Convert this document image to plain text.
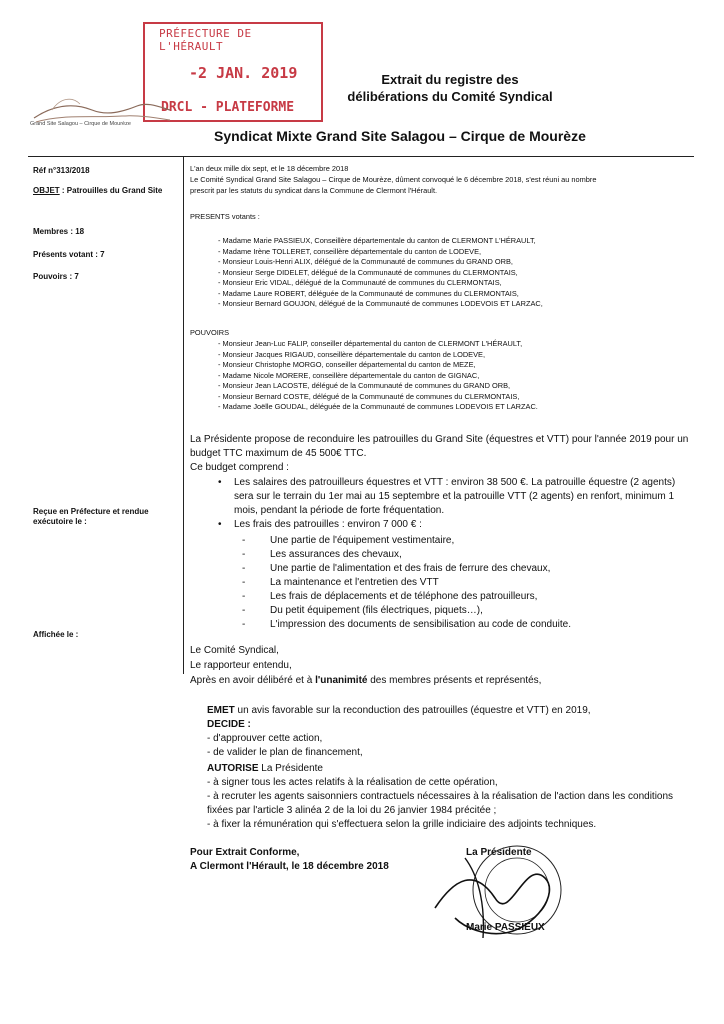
PRÉFECTURE DE L'HÉRAULT
-2 JAN. 2019
DRCL - PLATEFORME
Grand Site Salagou – Cirque de Mourèze
Extrait du registre des
délibérations du Comité Syndical
Syndicat Mixte Grand Site Salagou – Cirque de Mourèze
Réf n°313/2018
OBJET : Patrouilles du Grand Site
Membres : 18
Présents votant : 7
Pouvoirs : 7
Reçue en Préfecture et rendue exécutoire le :
Affichée le :
L'an deux mille dix sept, et le 18 décembre 2018
Le Comité Syndical Grand Site Salagou – Cirque de Mourèze, dûment convoqué le 6 décembre 2018, s'est réuni au nombre
prescrit par les statuts du syndicat dans la Commune de Clermont l'Hérault.
PRESENTS votants :
- Madame Marie PASSIEUX, Conseillère départementale du canton de CLERMONT L'HÉRAULT,
- Madame Irène TOLLERET, conseillère départementale du canton de LODEVE,
- Monsieur Louis-Henri ALIX, délégué de la Communauté de communes du GRAND ORB,
- Monsieur Serge DIDELET, délégué de la Communauté de communes du CLERMONTAIS,
- Monsieur Eric VIDAL, délégué de la Communauté de communes du CLERMONTAIS,
- Madame Laure ROBERT, déléguée de la Communauté de communes du CLERMONTAIS,
- Monsieur Bernard GOUJON, délégué de la Communauté de communes LODEVOIS ET LARZAC,
POUVOIRS
- Monsieur Jean-Luc FALIP, conseiller départemental du canton de CLERMONT L'HÉRAULT,
- Monsieur Jacques RIGAUD, conseillère départementale du canton de LODEVE,
- Monsieur Christophe MORGO, conseiller départemental du canton de MEZE,
- Madame Nicole MORERE, conseillère départementale du canton de GIGNAC,
- Monsieur Jean LACOSTE, délégué de la Communauté de communes du GRAND ORB,
- Monsieur Bernard COSTE, délégué de la Communauté de communes du CLERMONTAIS,
- Madame Joëlle GOUDAL, déléguée de la Communauté de communes LODEVOIS ET LARZAC.
La Présidente propose de reconduire les patrouilles du Grand Site (équestres et VTT) pour l'année 2019 pour un budget TTC maximum de 45 500€ TTC.
Ce budget comprend :
• Les salaires des patrouilleurs équestres et VTT : environ 38 500 €. La patrouille équestre (2 agents) sera sur le terrain du 1er mai au 15 septembre et la patrouille VTT (2 agents) en renfort, minimum 1 mois, pendant la période de forte fréquentation.
• Les frais des patrouilles : environ 7 000 € :
- Une partie de l'équipement vestimentaire,
- Les assurances des chevaux,
- Une partie de l'alimentation et des frais de ferrure des chevaux,
- La maintenance et l'entretien des VTT
- Les frais de déplacements et de téléphone des patrouilleurs,
- Du petit équipement (fils électriques, piquets…),
- L'impression des documents de sensibilisation au code de conduite.
Le Comité Syndical,
Le rapporteur entendu,
Après en avoir délibéré et à l'unanimité des membres présents et représentés,
EMET un avis favorable sur la reconduction des patrouilles (équestre et VTT) en 2019,
DECIDE :
- d'approuver cette action,
- de valider le plan de financement,
AUTORISE La Présidente
- à signer tous les actes relatifs à la réalisation de cette opération,
- à recruter les agents saisonniers contractuels nécessaires à la réalisation de l'action dans les conditions fixées par l'article 3 alinéa 2 de la loi du 26 janvier 1984 précitée ;
- à fixer la rémunération qui s'effectuera selon la grille indiciaire des adjoints techniques.
Pour Extrait Conforme,
A Clermont l'Hérault, le 18 décembre 2018
La Présidente
Marie PASSIEUX
